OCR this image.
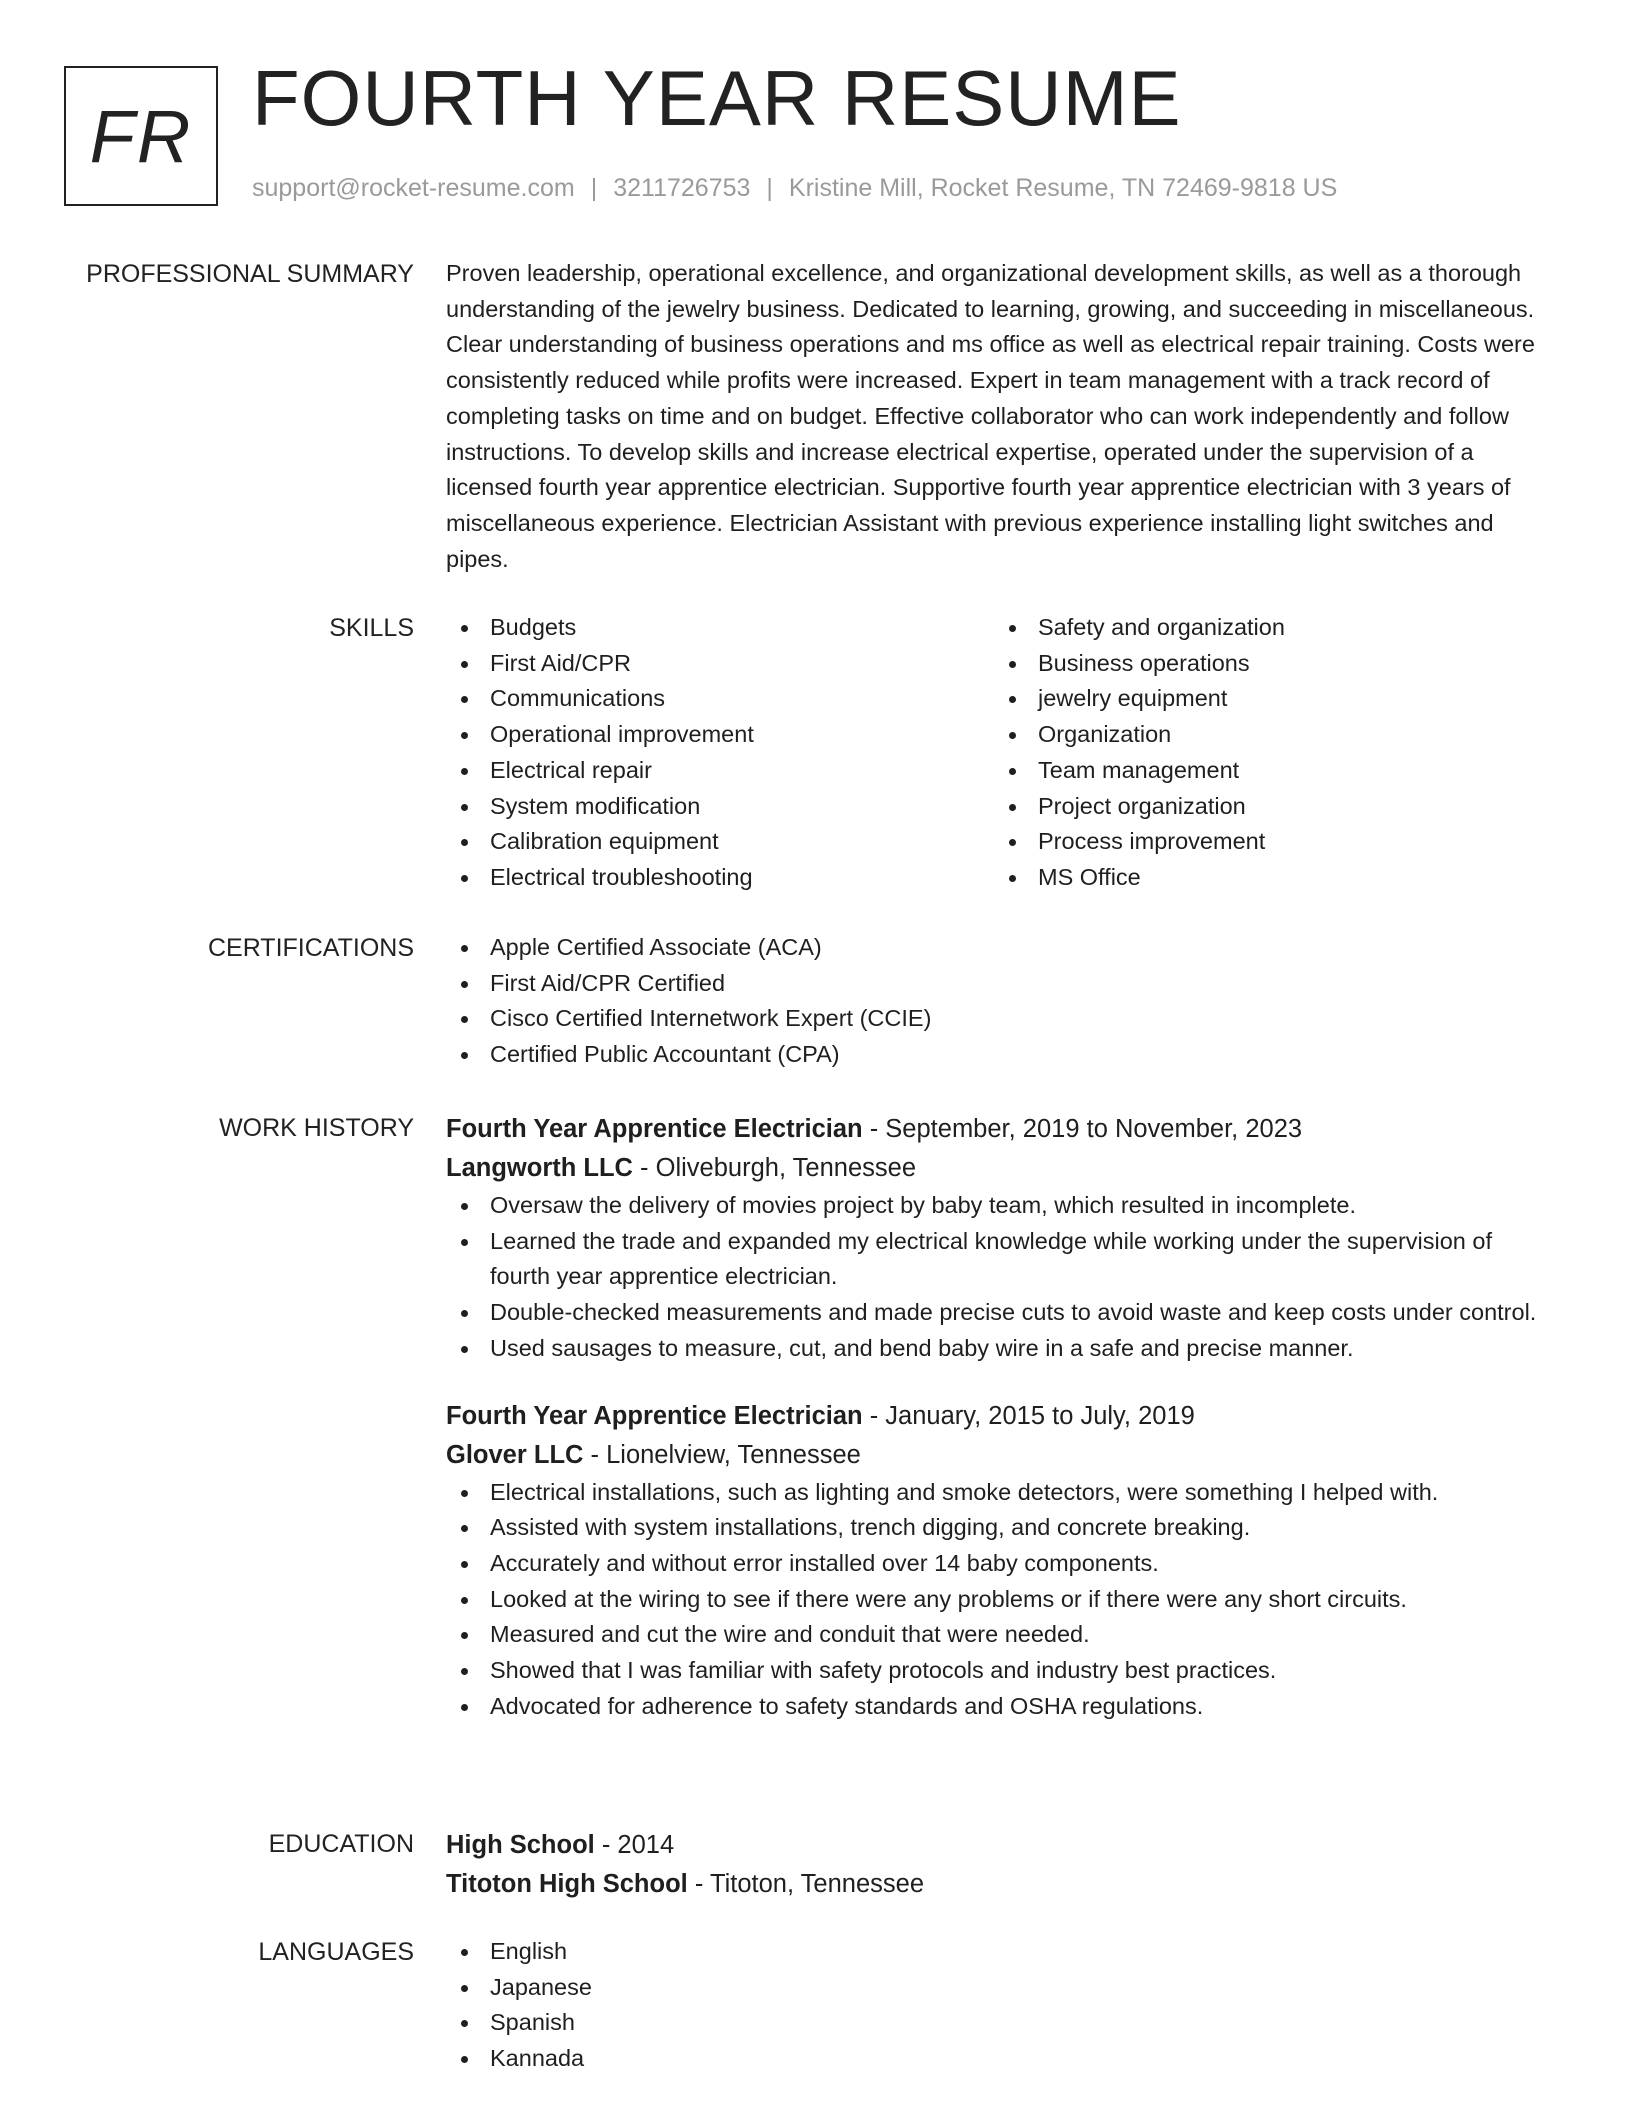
FR FOURTH YEAR RESUME
support@rocket-resume.com | 3211726753 | Kristine Mill, Rocket Resume, TN 72469-9818 US
PROFESSIONAL SUMMARY Proven leadership, operational excellence, and organizational development skills, as well as a thorough understanding of the jewelry business. Dedicated to learning, growing, and succeeding in miscellaneous. Clear understanding of business operations and ms office as well as electrical repair training. Costs were consistently reduced while profits were increased. Expert in team management with a track record of completing tasks on time and on budget. Effective collaborator who can work independently and follow instructions. To develop skills and increase electrical expertise, operated under the supervision of a licensed fourth year apprentice electrician. Supportive fourth year apprentice electrician with 3 years of miscellaneous experience. Electrician Assistant with previous experience installing light switches and pipes.
SKILLS	Budgets
First Aid/CPR
Communications
Operational improvement
Electrical repair
System modification
Calibration equipment
Electrical troubleshooting
Safety and organization
Business operations
jewelry equipment
Organization
Team management
Project organization
Process improvement
MS Office
CERTIFICATIONS	Apple Certified Associate (ACA)
First Aid/CPR Certified
Cisco Certified Internetwork Expert (CCIE)
Certified Public Accountant (CPA)
WORK HISTORY Fourth Year Apprentice Electrician - September, 2019 to November, 2023
Langworth LLC - Oliveburgh, Tennessee
Oversaw the delivery of movies project by baby team, which resulted in incomplete.
Learned the trade and expanded my electrical knowledge while working under the supervision of fourth year apprentice electrician.
Double-checked measurements and made precise cuts to avoid waste and keep costs under control.
Used sausages to measure, cut, and bend baby wire in a safe and precise manner.
Fourth Year Apprentice Electrician - January, 2015 to July, 2019
Glover LLC - Lionelview, Tennessee
Electrical installations, such as lighting and smoke detectors, were something I helped with.
Assisted with system installations, trench digging, and concrete breaking.
Accurately and without error installed over 14 baby components.
Looked at the wiring to see if there were any problems or if there were any short circuits.
Measured and cut the wire and conduit that were needed.
Showed that I was familiar with safety protocols and industry best practices.
Advocated for adherence to safety standards and OSHA regulations.
EDUCATION High School - 2014
Titoton High School - Titoton, Tennessee
LANGUAGES	English
Japanese
Spanish
Kannada
